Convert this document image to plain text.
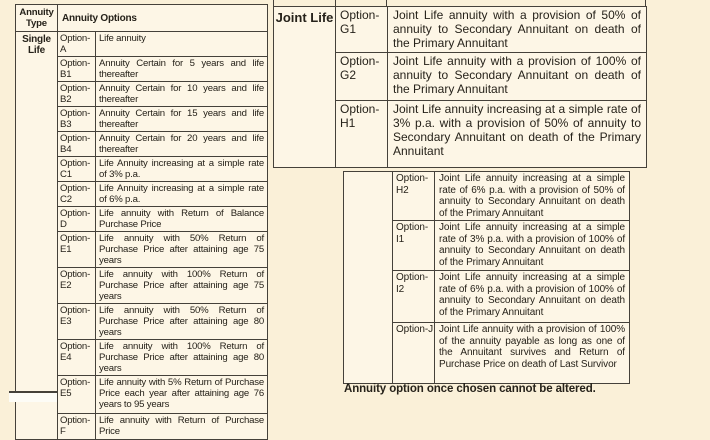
Annuity Type	Annuity Options	
Single Life	Option-A	Life annuity
	Option-B1	Annuity Certain for 5 years and life thereafter
	Option-B2	Annuity Certain for 10 years and life thereafter
	Option-B3	Annuity Certain for 15 years and life thereafter
	Option-B4	Annuity Certain for 20 years and life thereafter
	Option-C1	Life Annuity increasing at a simple rate of 3% p.a.
	Option-C2	Life Annuity increasing at a simple rate of 6% p.a.
	Option-D	Life annuity with Return of Balance Purchase Price
	Option-E1	Life annuity with 50% Return of Purchase Price after attaining age 75 years
	Option-E2	Life annuity with 100% Return of Purchase Price after attaining age 75 years
	Option-E3	Life annuity with 50% Return of Purchase Price after attaining age 80 years
	Option-E4	Life annuity with 100% Return of Purchase Price after attaining age 80 years
	Option-E5	Life annuity with 5% Return of Purchase Price each year after attaining age 76 years to 95 years
	Option-F	Life annuity with Return of Purchase Price
Joint Life	Option-G1	Joint Life annuity with a provision of 50% of annuity to Secondary Annuitant on death of the Primary Annuitant
	Option-G2	Joint Life annuity with a provision of 100% of annuity to Secondary Annuitant on death of the Primary Annuitant
	Option-H1	Joint Life annuity increasing at a simple rate of 3% p.a. with a provision of 50% of annuity to Secondary Annuitant on death of the Primary Annuitant
	Option-H2	Joint Life annuity increasing at a simple rate of 6% p.a. with a provision of 50% of annuity to Secondary Annuitant on death of the Primary Annuitant
	Option-I1	Joint Life annuity increasing at a simple rate of 3% p.a. with a provision of 100% of annuity to Secondary Annuitant on death of the Primary Annuitant
	Option-I2	Joint Life annuity increasing at a simple rate of 6% p.a. with a provision of 100% of annuity to Secondary Annuitant on death of the Primary Annuitant
	Option-J	Joint Life annuity with a provision of 100% of the annuity payable as long as one of the Annuitant survives and Return of Purchase Price on death of Last Survivor
Annuity option once chosen cannot be altered.
